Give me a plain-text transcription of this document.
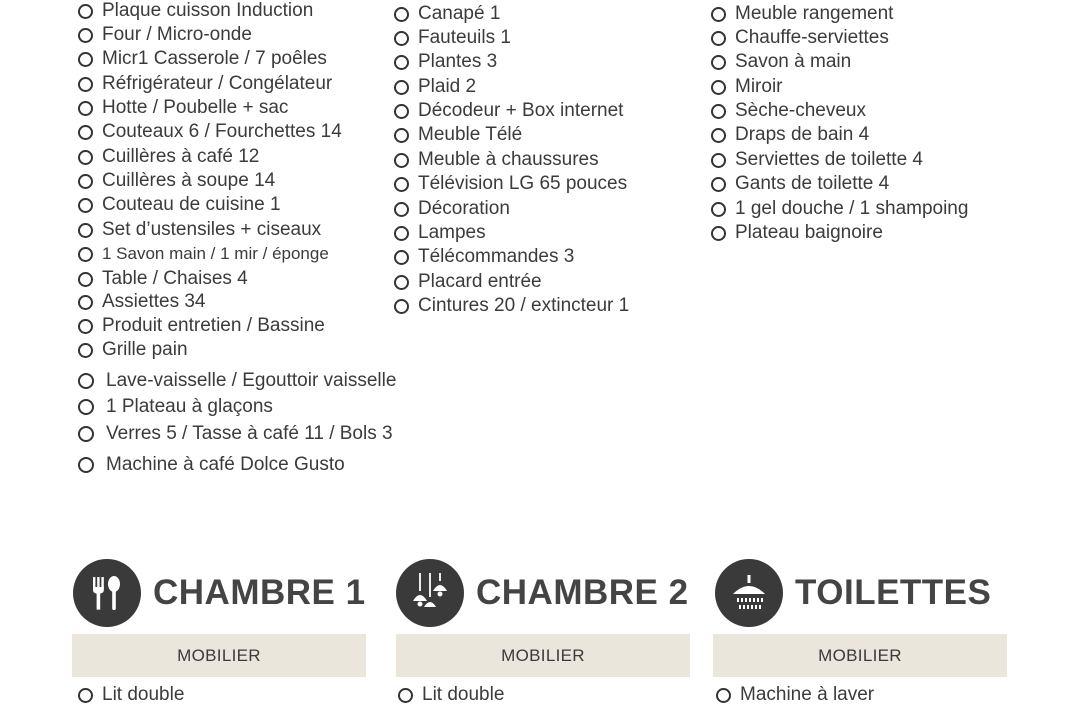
Plaque cuisson Induction
Four / Micro-onde
Micr1 Casserole / 7 poêles
Réfrigérateur / Congélateur
Hotte / Poubelle + sac
Couteaux 6 / Fourchettes 14
Cuillères à café 12
Cuillères à soupe 14
Couteau de cuisine 1
Set d’ustensiles + ciseaux
1 Savon main / 1 mir / éponge
Table / Chaises 4
Assiettes 34
Produit entretien / Bassine
Grille pain
Lave-vaisselle / Egouttoir vaisselle
1 Plateau à glaçons
Verres 5 / Tasse à café 11 / Bols 3
Machine à café Dolce Gusto
Canapé 1
Fauteuils 1
Plantes 3
Plaid 2
Décodeur + Box internet
Meuble Télé
Meuble à chaussures
Télévision LG 65 pouces
Décoration
Lampes
Télécommandes 3
Placard entrée
Cintures 20 / extincteur 1
Meuble rangement
Chauffe-serviettes
Savon à main
Miroir
Sèche-cheveux
Draps de bain 4
Serviettes de toilette 4
Gants de toilette 4
1 gel douche / 1 shampoing
Plateau baignoire
CHAMBRE 1	CHAMBRE 2	TOILETTES
MOBILIER	MOBILIER	MOBILIER
Lit double	Lit double	Machine à laver
